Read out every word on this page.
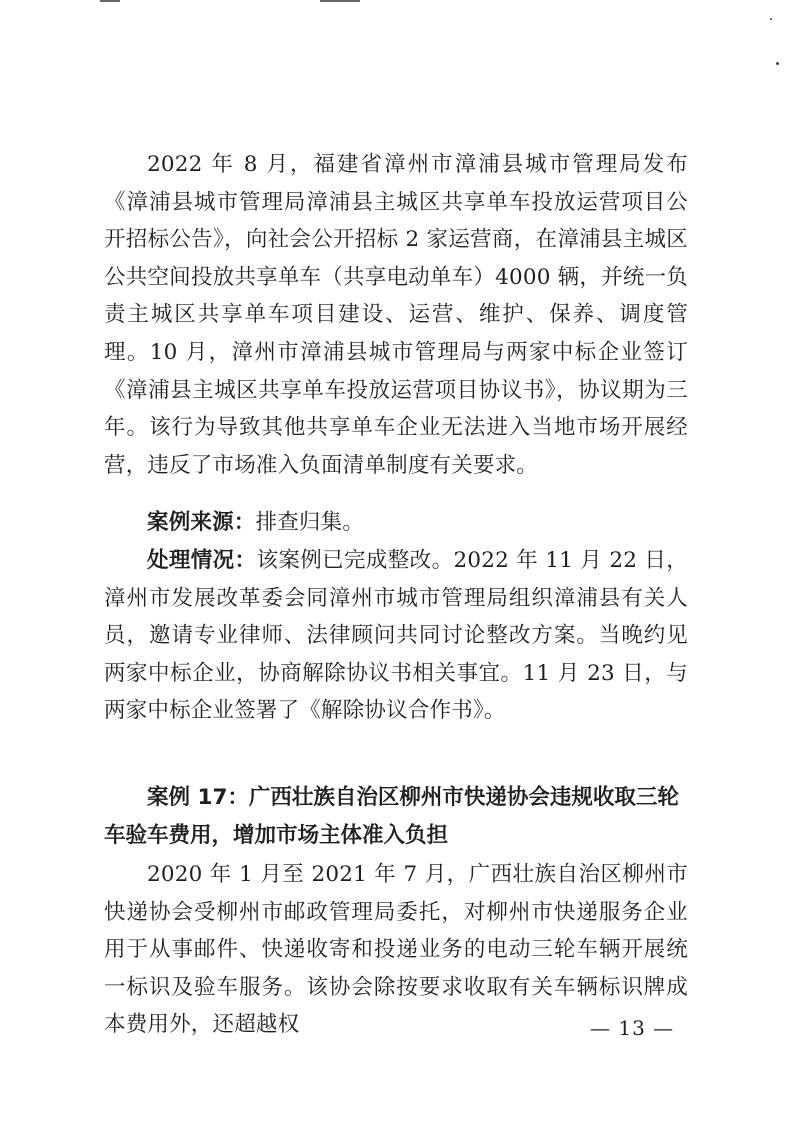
2022 年 8 月，福建省漳州市漳浦县城市管理局发布《漳浦县城市管理局漳浦县主城区共享单车投放运营项目公开招标公告》，向社会公开招标 2 家运营商，在漳浦县主城区公共空间投放共享单车（共享电动单车）4000 辆，并统一负责主城区共享单车项目建设、运营、维护、保养、调度管理。10 月，漳州市漳浦县城市管理局与两家中标企业签订《漳浦县主城区共享单车投放运营项目协议书》，协议期为三年。该行为导致其他共享单车企业无法进入当地市场开展经营，违反了市场准入负面清单制度有关要求。

案例来源：排查归集。

处理情况：该案例已完成整改。2022 年 11 月 22 日，漳州市发展改革委会同漳州市城市管理局组织漳浦县有关人员，邀请专业律师、法律顾问共同讨论整改方案。当晚约见两家中标企业，协商解除协议书相关事宜。11 月 23 日，与两家中标企业签署了《解除协议合作书》。

案例 17：广西壮族自治区柳州市快递协会违规收取三轮车验车费用，增加市场主体准入负担

2020 年 1 月至 2021 年 7 月，广西壮族自治区柳州市快递协会受柳州市邮政管理局委托，对柳州市快递服务企业用于从事邮件、快递收寄和投递业务的电动三轮车辆开展统一标识及验车服务。该协会除按要求收取有关车辆标识牌成本费用外，还超越权	— 13 —
